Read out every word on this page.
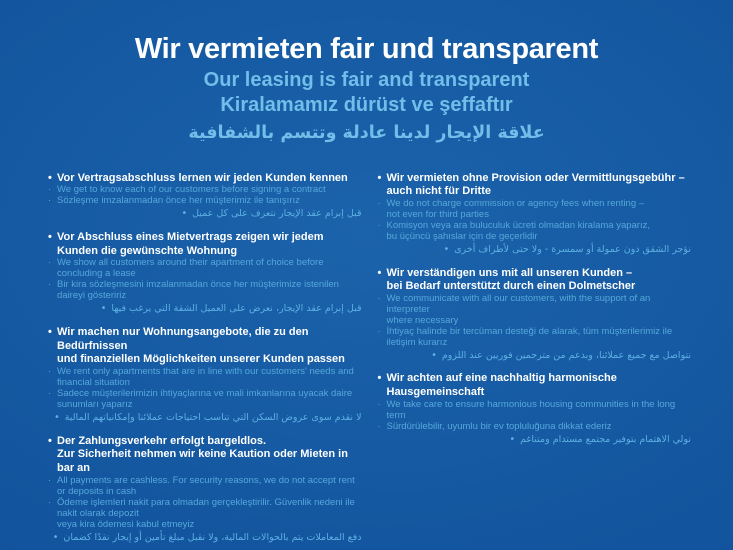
Wir vermieten fair und transparent
Our leasing is fair and transparent
Kiralamamız dürüst ve şeffaftır
علاقة الإيجار لدينا عادلة وتتسم بالشفافية
• Vor Vertragsabschluss lernen wir jeden Kunden kennen
· We get to know each of our customers before signing a contract
· Sözleşme imzalanmadan önce her müşterimiz ile tanışırız
• قبل إبرام عقد الإيجار نتعرف على كل عميل
• Vor Abschluss eines Mietvertrags zeigen wir jedem
Kunden die gewünschte Wohnung
· We show all customers around their apartment of choice before concluding a lease
· Bir kira sözleşmesini imzalanmadan önce her müşterimize istenilen daireyi gösteririz
• قبل إبرام عقد الإيجار، نعرض على العميل الشقة التي يرغب فيها
• Wir machen nur Wohnungsangebote, die zu den Bedürfnissen
und finanziellen Möglichkeiten unserer Kunden passen
· We rent only apartments that are in line with our customers' needs and financial situation
· Sadece müşterilerimizin ihtiyaçlarına ve mali imkanlarına uyacak daire sunumları yaparız
• لا نقدم سوى عروض السكن التي تناسب احتياجات عملائنا وإمكانياتهم المالية
• Der Zahlungsverkehr erfolgt bargeldlos.
Zur Sicherheit nehmen wir keine Kaution oder Mieten in bar an
· All payments are cashless. For security reasons, we do not accept rent or deposits in cash
· Ödeme işlemleri nakit para olmadan gerçekleştirilir. Güvenlik nedeni ile nakit olarak depozit
veya kira ödemesi kabul etmeyiz
• دفع المعاملات يتم بالحوالات المالية، ولا نقبل مبلغ تأمين أو إيجار نقدًا كضمان
• Wir vermieten ohne Provision oder Vermittlungsgebühr –
auch nicht für Dritte
· We do not charge commission or agency fees when renting –
not even for third parties
· Komisyon veya ara buluculuk ücreti olmadan kiralama yaparız,
bu üçüncü şahıslar için de geçerlidir
• نؤجر الشقق دون عمولة أو سمسرة - ولا حتى لأطراف أخرى
• Wir verständigen uns mit all unseren Kunden –
bei Bedarf unterstützt durch einen Dolmetscher
· We communicate with all our customers, with the support of an interpreter
where necessary
· İhtiyaç halinde bir tercüman desteği de alarak, tüm müşterilerimiz ile iletişim kurarız
• نتواصل مع جميع عملائنا، وبدعم من مترجمين فوريين عند اللزوم
• Wir achten auf eine nachhaltig harmonische
Hausgemeinschaft
· We take care to ensure harmonious housing communities in the long term
· Sürdürülebilir, uyumlu bir ev topluluğuna dikkat ederiz
• نولي الاهتمام بتوفير مجتمع مستدام ومتناغم
